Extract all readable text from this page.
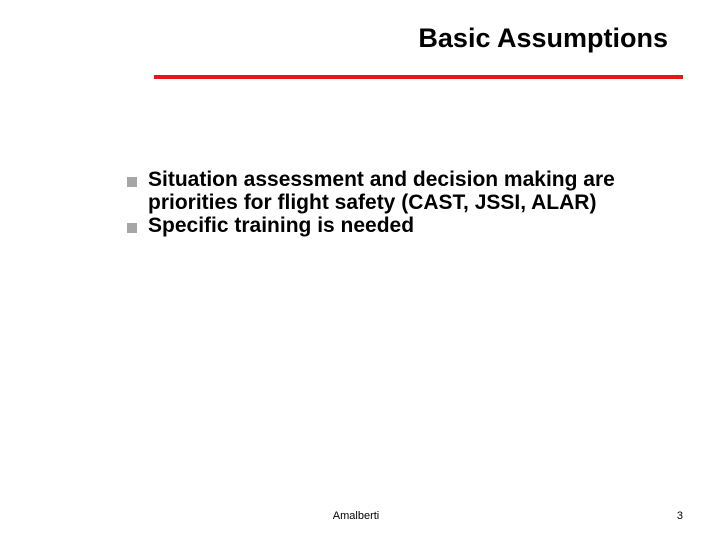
Basic Assumptions
Situation assessment and decision making are priorities for flight safety (CAST, JSSI, ALAR)
Specific training is needed
Amalberti	3
